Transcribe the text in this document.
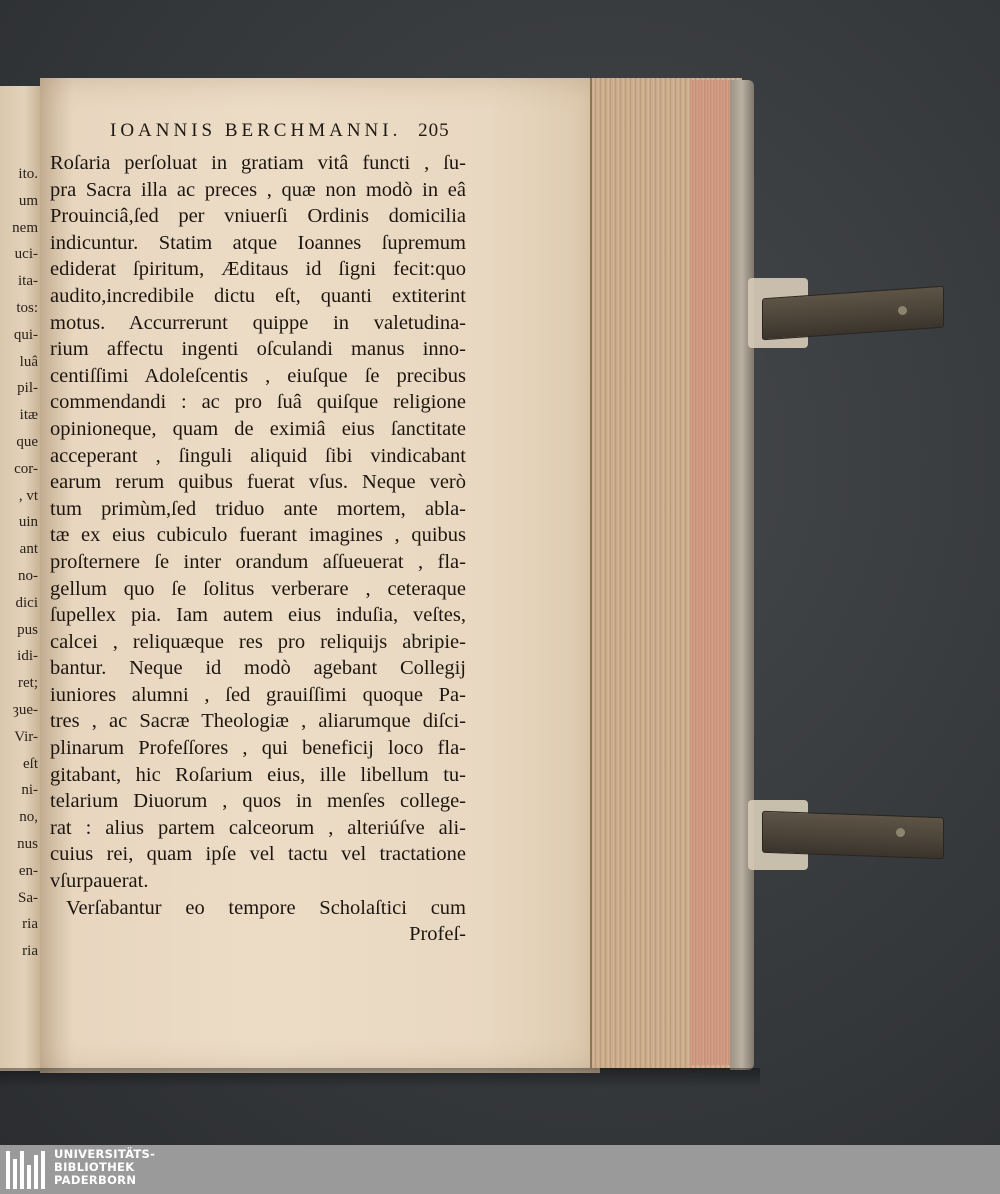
ito.
um
nem
uci-
ita-
tos:
qui-
luâ
pil-
itæ
que
cor-
, vt
uin
ant
no-
dici
pus
idi-
ret;
ȝue-
Vir-
eſt
ni-
no,
nus
en-
Sa-
ria
ria
IOANNIS BERCHMANNI. 205
Roſaria perſoluat in gratiam vitâ functi , ſu-
pra Sacra illa ac preces , quæ non modò in eâ
Prouinciâ,ſed per vniuerſi Ordinis domicilia
indicuntur. Statim atque Ioannes ſupremum
ediderat ſpiritum, Æditaus id ſigni fecit:quo
audito,incredibile dictu eſt, quanti extiterint
motus. Accurrerunt quippe in valetudina-
rium affectu ingenti oſculandi manus inno-
centiſſimi Adoleſcentis , eiuſque ſe precibus
commendandi : ac pro ſuâ quiſque religione
opinioneque, quam de eximiâ eius ſanctitate
acceperant , ſinguli aliquid ſibi vindicabant
earum rerum quibus fuerat vſus. Neque verò
tum primùm,ſed triduo ante mortem, abla-
tæ ex eius cubiculo fuerant imagines , quibus
proſternere ſe inter orandum aſſueuerat , fla-
gellum quo ſe ſolitus verberare , ceteraque
ſupellex pia. Iam autem eius induſia, veſtes,
calcei , reliquæque res pro reliquijs abripie-
bantur. Neque id modò agebant Collegij
iuniores alumni , ſed grauiſſimi quoque Pa-
tres , ac Sacræ Theologiæ , aliarumque diſci-
plinarum Profeſſores , qui beneficij loco fla-
gitabant, hic Roſarium eius, ille libellum tu-
telarium Diuorum , quos in menſes college-
rat : alius partem calceorum , alteriúſve ali-
cuius rei, quam ipſe vel tactu vel tractatione
vſurpauerat.
Verſabantur eo tempore Scholaſtici cum
Profeſ-
UNIVERSITÄTS-
BIBLIOTHEK
PADERBORN
